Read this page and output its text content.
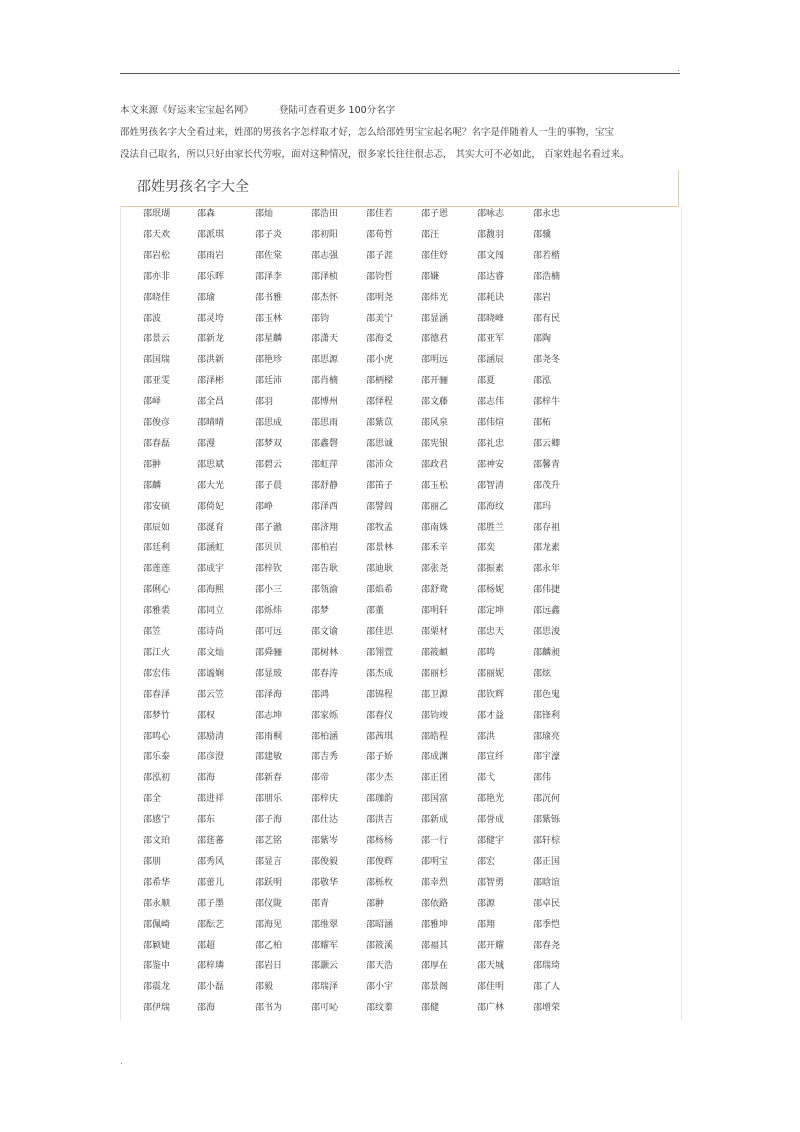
.
本文来源《好运来宝宝起名网》	登陆可查看更多 100分名字
邵姓男孩名字大全看过来，姓邵的男孩名字怎样取才好，怎么给邵姓男宝宝起名呢？名字是伴随着人一生的事物，宝宝
没法自己取名，所以只好由家长代劳啦，面对这种情况，很多家长往往很忐忑， 其实大可不必如此， 百家姓起名看过来。
邵姓男孩名字大全
邵珉瑚	邵森	邵灿	邵浩田	邵佳若	邵子恩	邵咏志	邵永忠
邵天欢	邵派琪	邵子炎	邵初阳	邵荀哲	邵汪	邵馥羽	邵骥
邵岩松	邵雨岩	邵佐棠	邵志强	邵子涯	邵佳妤	邵文闯	邵若楷
邵亦非	邵乐晖	邵泽李	邵泽桢	邵钧哲	邵嫌	邵达睿	邵浩楠
邵晓佳	邵瑜	邵书雅	邵杰怀	邵明尧	邵炜光	邵耗诀	邵岩
邵波	邵灵垮	邵玉林	邵钧	邵美宁	邵显涵	邵晓峰	邵有民
邵景云	邵新龙	邵星麟	邵潇天	邵海爻	邵德君	邵亚军	邵陶
邵国瑞	邵洪新	邵艳珍	邵思源	邵小虎	邵明远	邵涵辰	邵尧冬
邵亚雯	邵泽彬	邵廷沛	邵肖楠	邵柄樑	邵开骊	邵夏	邵泓
邵峄	邵全昌	邵羽	邵博州	邵怿程	邵文藤	邵志伟	邵梓牛
邵俊彦	邵晴晴	邵思成	邵思雨	邵紫苡	邵风泉	邵伟煊	邵柘
邵春磊	邵漫	邵梦双	邵鑫磬	邵思诚	邵宪银	邵礼忠	邵云卿
邵翀	邵思斌	邵碧云	邵虹萍	邵沛众	邵政君	邵神安	邵馨青
邵麟	邵大光	邵子晨	邵舒静	邵笛子	邵玉松	邵智清	邵茂升
邵安硕	邵倚妃	邵峥	邵泽西	邵譬闾	邵丽乙	邵海纹	邵玛
邵辰如	邵涎育	邵子澈	邵济翔	邵牧孟	邵南姝	邵胜兰	邵存祖
邵廷利	邵涵虹	邵贝贝	邵柏岩	邵景林	邵禾辛	邵奕	邵龙素
邵莲莲	邵成宇	邵梓钦	邵告耿	邵迪耿	邵张尧	邵振素	邵永年
邵俐心	邵海熙	邵小三	邵瓴渝	邵焰希	邵舒鸯	邵杨妮	邵伟捷
邵雅裘	邵同立	邵烁炜	邵梦	邵董	邵明轩	邵定坤	邵远鑫
邵笠	邵诗尚	邵可远	邵文谕	邵佳思	邵栗材	邵忠天	邵思浚
邵江火	邵文灿	邵舜骊	邵树林	邵翎萱	邵筱頔	邵鸣	邵麟昶
邵宏伟	邵谧娴	邵显玻	邵春涛	邵杰成	邵丽杉	邵丽妮	邵炫
邵春泽	邵云笠	邵泽海	邵鸿	邵锦程	邵卫源	邵钦辉	邵色鬼
邵梦竹	邵权	邵志坤	邵家烁	邵春仪	邵钧竣	邵才益	邵锋利
邵鸣心	邵励清	邵雨桐	邵柏涵	邵茜琪	邵皓程	邵洪	邵瑜亮
邵乐泰	邵彦澄	邵建敏	邵吉秀	邵子娇	邵成渊	邵宣纤	邵宇濠
邵泓初	邵海	邵新春	邵帝	邵少杰	邵正团	邵弋	邵伟
邵全	邵进祥	邵朋乐	邵梓庆	邵珈韵	邵国富	邵艳光	邵沉何
邵感宁	邵东	邵子海	邵仕达	邵洪吉	邵新成	邵誉成	邵紫铄
邵文珀	邵莛蕃	邵艺铭	邵紫岑	邵杨杨	邵一行	邵健宇	邵轩棕
邵朋	邵秀风	邵显言	邵俊毅	邵俊辉	邵明宝	邵宏	邵正国
邵希华	邵蕾儿	邵跃明	邵敬华	邵栎枚	邵幸烈	邵智勇	邵晗谊
邵永顺	邵子墨	邵仪陇	邵青	邵翀	邵依路	邵源	邵卓民
邵佩崎	邵酝艺	邵海见	邵维翠	邵昭涵	邵雅坤	邵翔	邵季恺
邵颖婕	邵超	邵乙柏	邵耀军	邵筱溪	邵福其	邵开耀	邵春尧
邵鉴中	邵梓璘	邵岩日	邵灏云	邵天浩	邵厚在	邵天城	邵瑞琦
邵震龙	邵小磊	邵毅	邵瑞泽	邵小宇	邵景阁	邵佳明	邵了人
邵伊瑞	邵海	邵书为	邵可吣	邵纹蓁	邵健	邵广林	邵增荣
.
